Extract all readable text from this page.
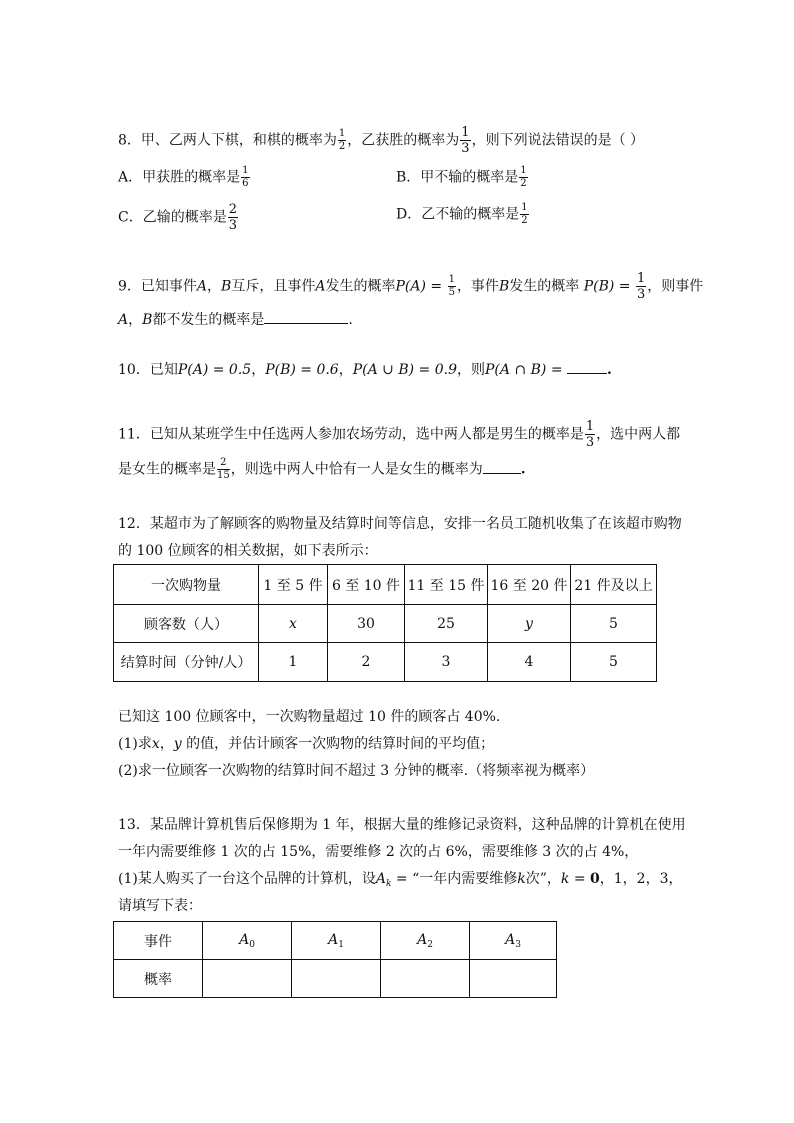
8．甲、乙两人下棋，和棋的概率为 $\frac{1}{2}$ ，乙获胜的概率为 $\frac{1}{3}$ ，则下列说法错误的是（ ）
A．甲获胜的概率是 $\frac{1}{6}$	B．甲不输的概率是 $\frac{1}{2}$
C．乙输的概率是 $\frac{2}{3}$	D．乙不输的概率是 $\frac{1}{2}$
9．已知事件A，B互斥，且事件A发生的概率$P(A) = \frac{1}{5}$ ，事件B发生的概率 $P(B) = \frac{1}{3}$ ，则事件
A，B都不发生的概率是	.
10．已知P(A) = 0.5，P(B) = 0.6，P(A ∪ B) = 0.9，则P(A ∩ B) =	.
11．已知从某班学生中任选两人参加农场劳动，选中两人都是男生的概率是 $\frac{1}{3}$ ，选中两人都
是女生的概率是 $\frac{2}{15}$ ，则选中两人中恰有一人是女生的概率为	.
12．某超市为了解顾客的购物量及结算时间等信息，安排一名员工随机收集了在该超市购物
的 100 位顾客的相关数据，如下表所示：
一次购物量	1 至 5 件	6 至 10 件	11 至 15 件	16 至 20 件	21 件及以上
顾客数（人）	x	30	25	y	5
结算时间（分钟/人）	1	2	3	4	5
已知这 100 位顾客中，一次购物量超过 10 件的顾客占 40%.
(1)求x，y 的值，并估计顾客一次购物的结算时间的平均值；
(2)求一位顾客一次购物的结算时间不超过 3 分钟的概率.（将频率视为概率）
13．某品牌计算机售后保修期为 1 年，根据大量的维修记录资料，这种品牌的计算机在使用
一年内需要维修 1 次的占 15%，需要维修 2 次的占 6%，需要维修 3 次的占 4%，
(1)某人购买了一台这个品牌的计算机，设$A_k$ = “一年内需要维修k次”，k = 0，1，2，3，
请填写下表：
事件	$A_0$	$A_1$	$A_2$	$A_3$
概率				
